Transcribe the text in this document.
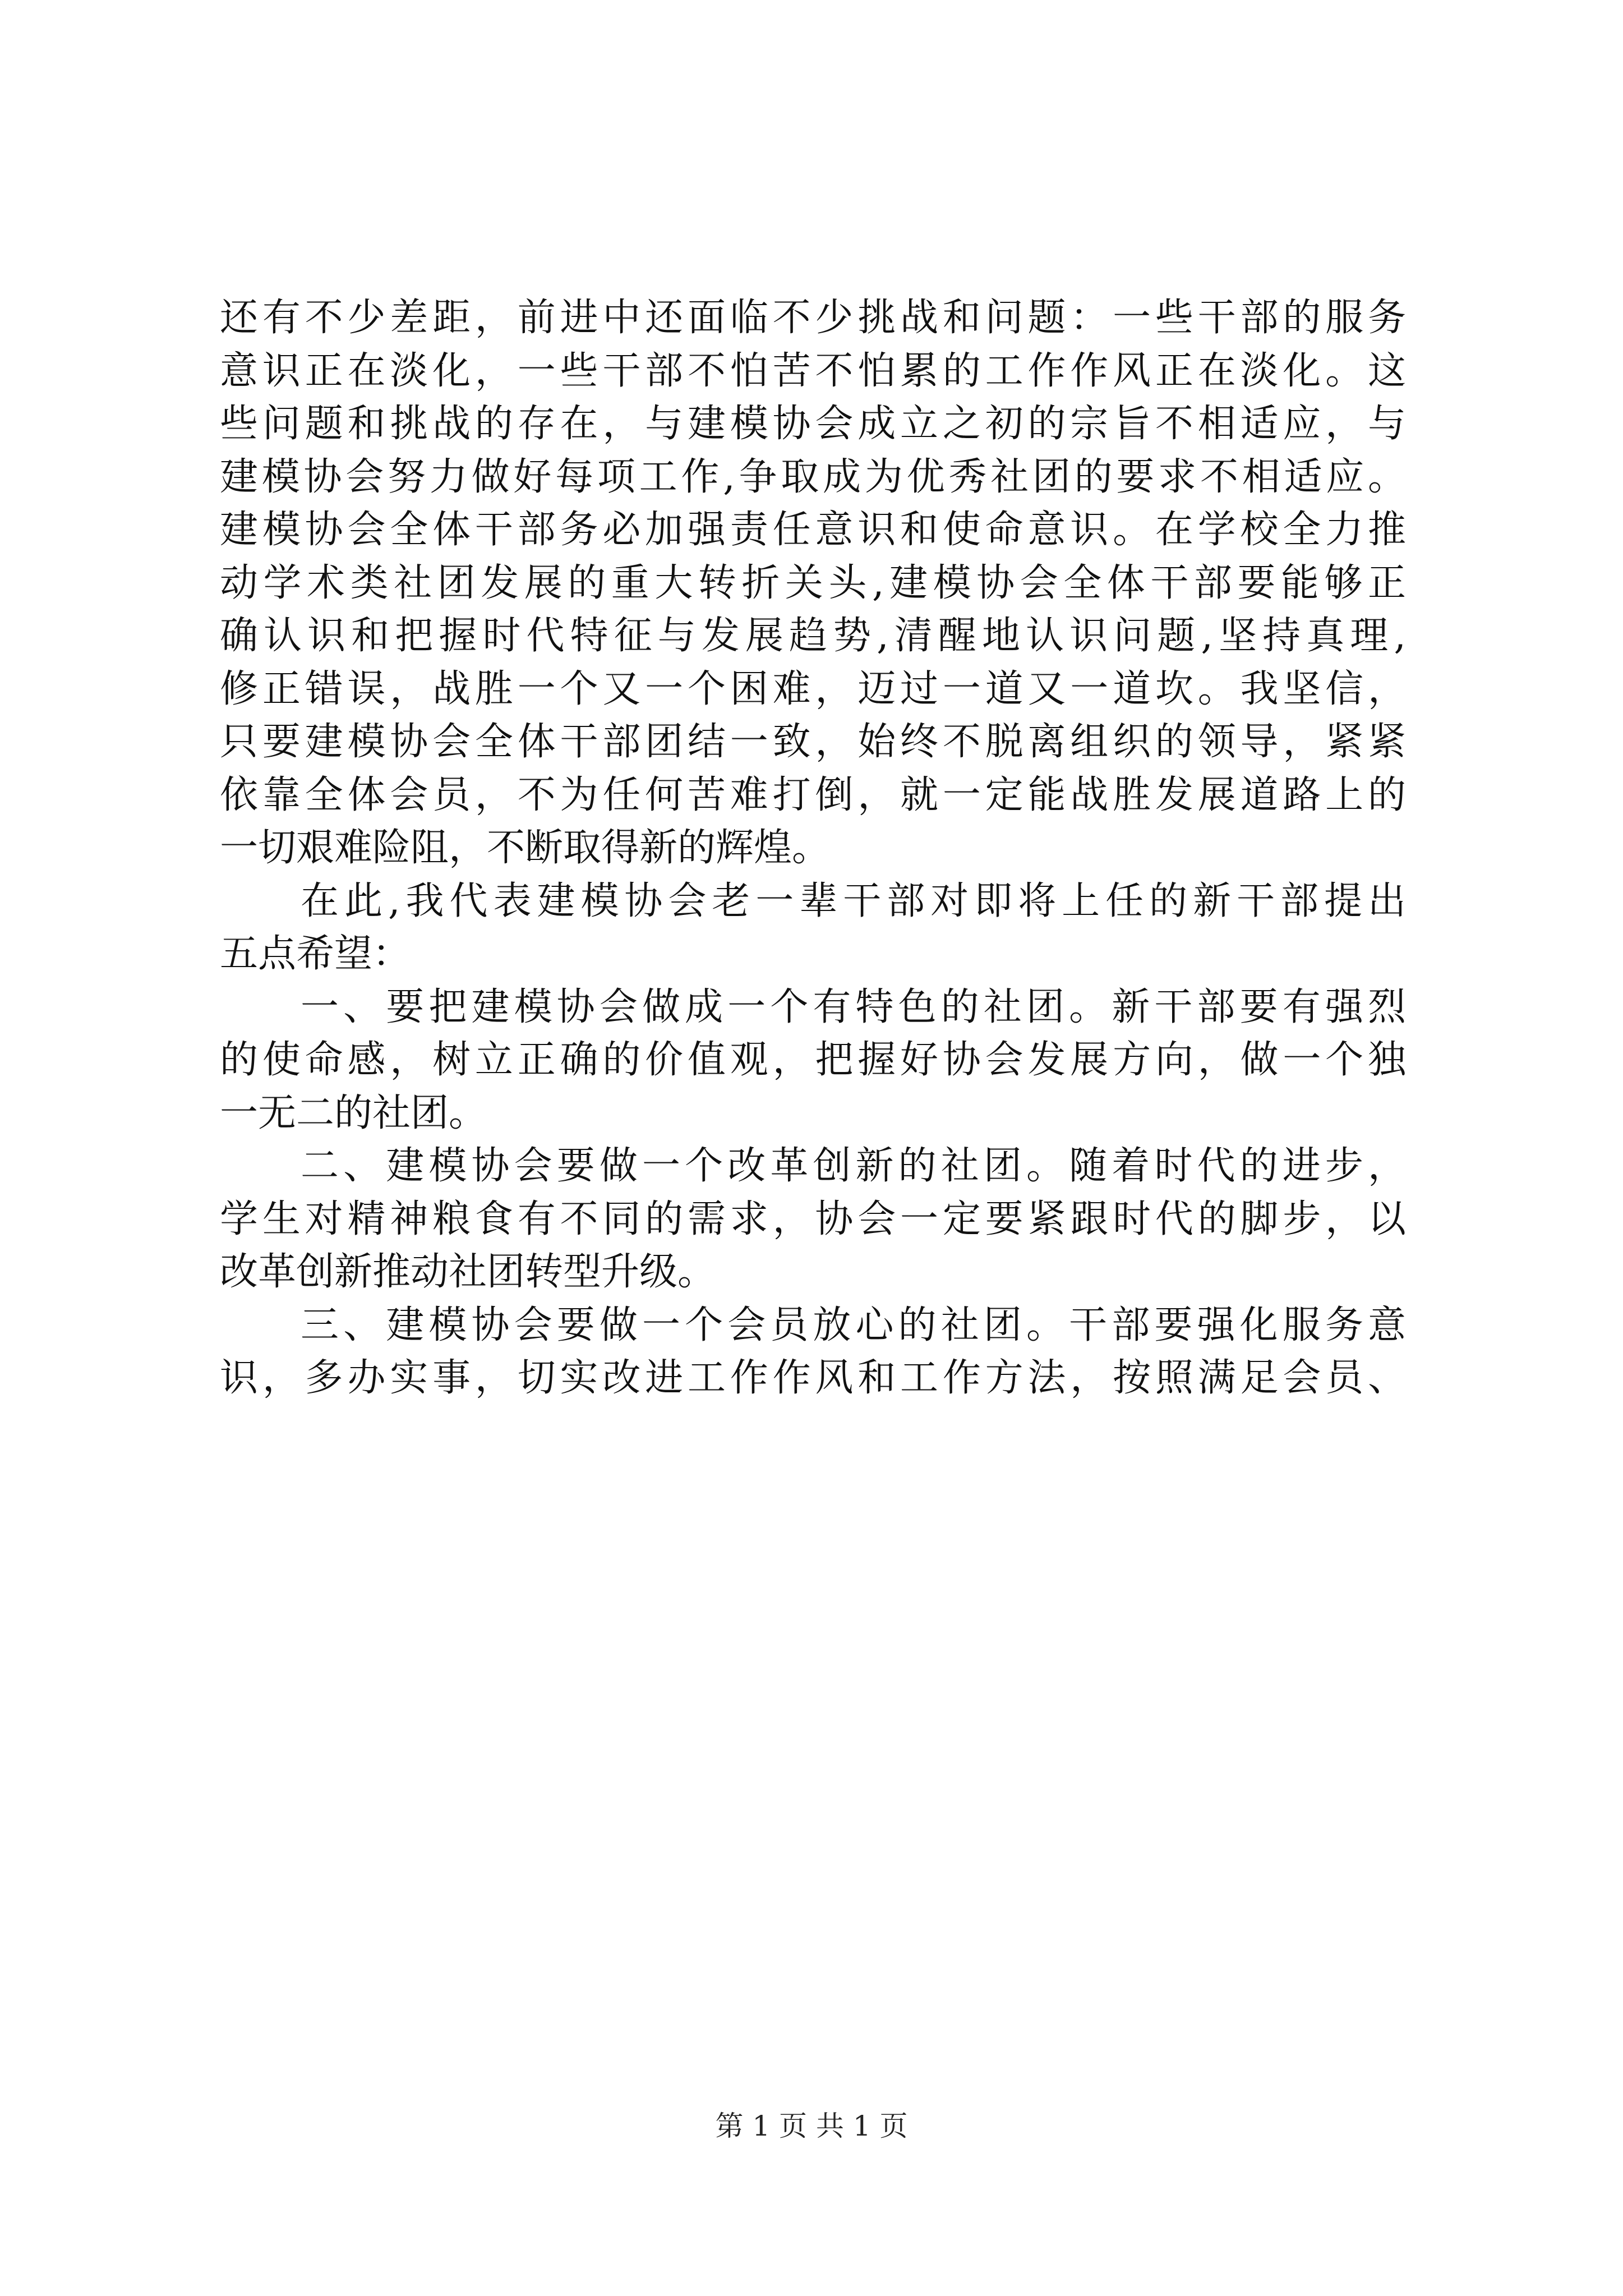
还有不少差距，前进中还面临不少挑战和问题：一些干部的服务
意识正在淡化，一些干部不怕苦不怕累的工作作风正在淡化。这
些问题和挑战的存在，与建模协会成立之初的宗旨不相适应，与
建模协会努力做好每项工作,争取成为优秀社团的要求不相适应。
建模协会全体干部务必加强责任意识和使命意识。在学校全力推
动学术类社团发展的重大转折关头,建模协会全体干部要能够正
确认识和把握时代特征与发展趋势,清醒地认识问题,坚持真理,
修正错误，战胜一个又一个困难，迈过一道又一道坎。我坚信，
只要建模协会全体干部团结一致，始终不脱离组织的领导，紧紧
依靠全体会员，不为任何苦难打倒，就一定能战胜发展道路上的
一切艰难险阻，不断取得新的辉煌。
在此,我代表建模协会老一辈干部对即将上任的新干部提出
五点希望：
一、要把建模协会做成一个有特色的社团。新干部要有强烈
的使命感，树立正确的价值观，把握好协会发展方向，做一个独
一无二的社团。
二、建模协会要做一个改革创新的社团。随着时代的进步，
学生对精神粮食有不同的需求，协会一定要紧跟时代的脚步，以
改革创新推动社团转型升级。
三、建模协会要做一个会员放心的社团。干部要强化服务意
识，多办实事，切实改进工作作风和工作方法，按照满足会员、
第 1 页 共 1 页
